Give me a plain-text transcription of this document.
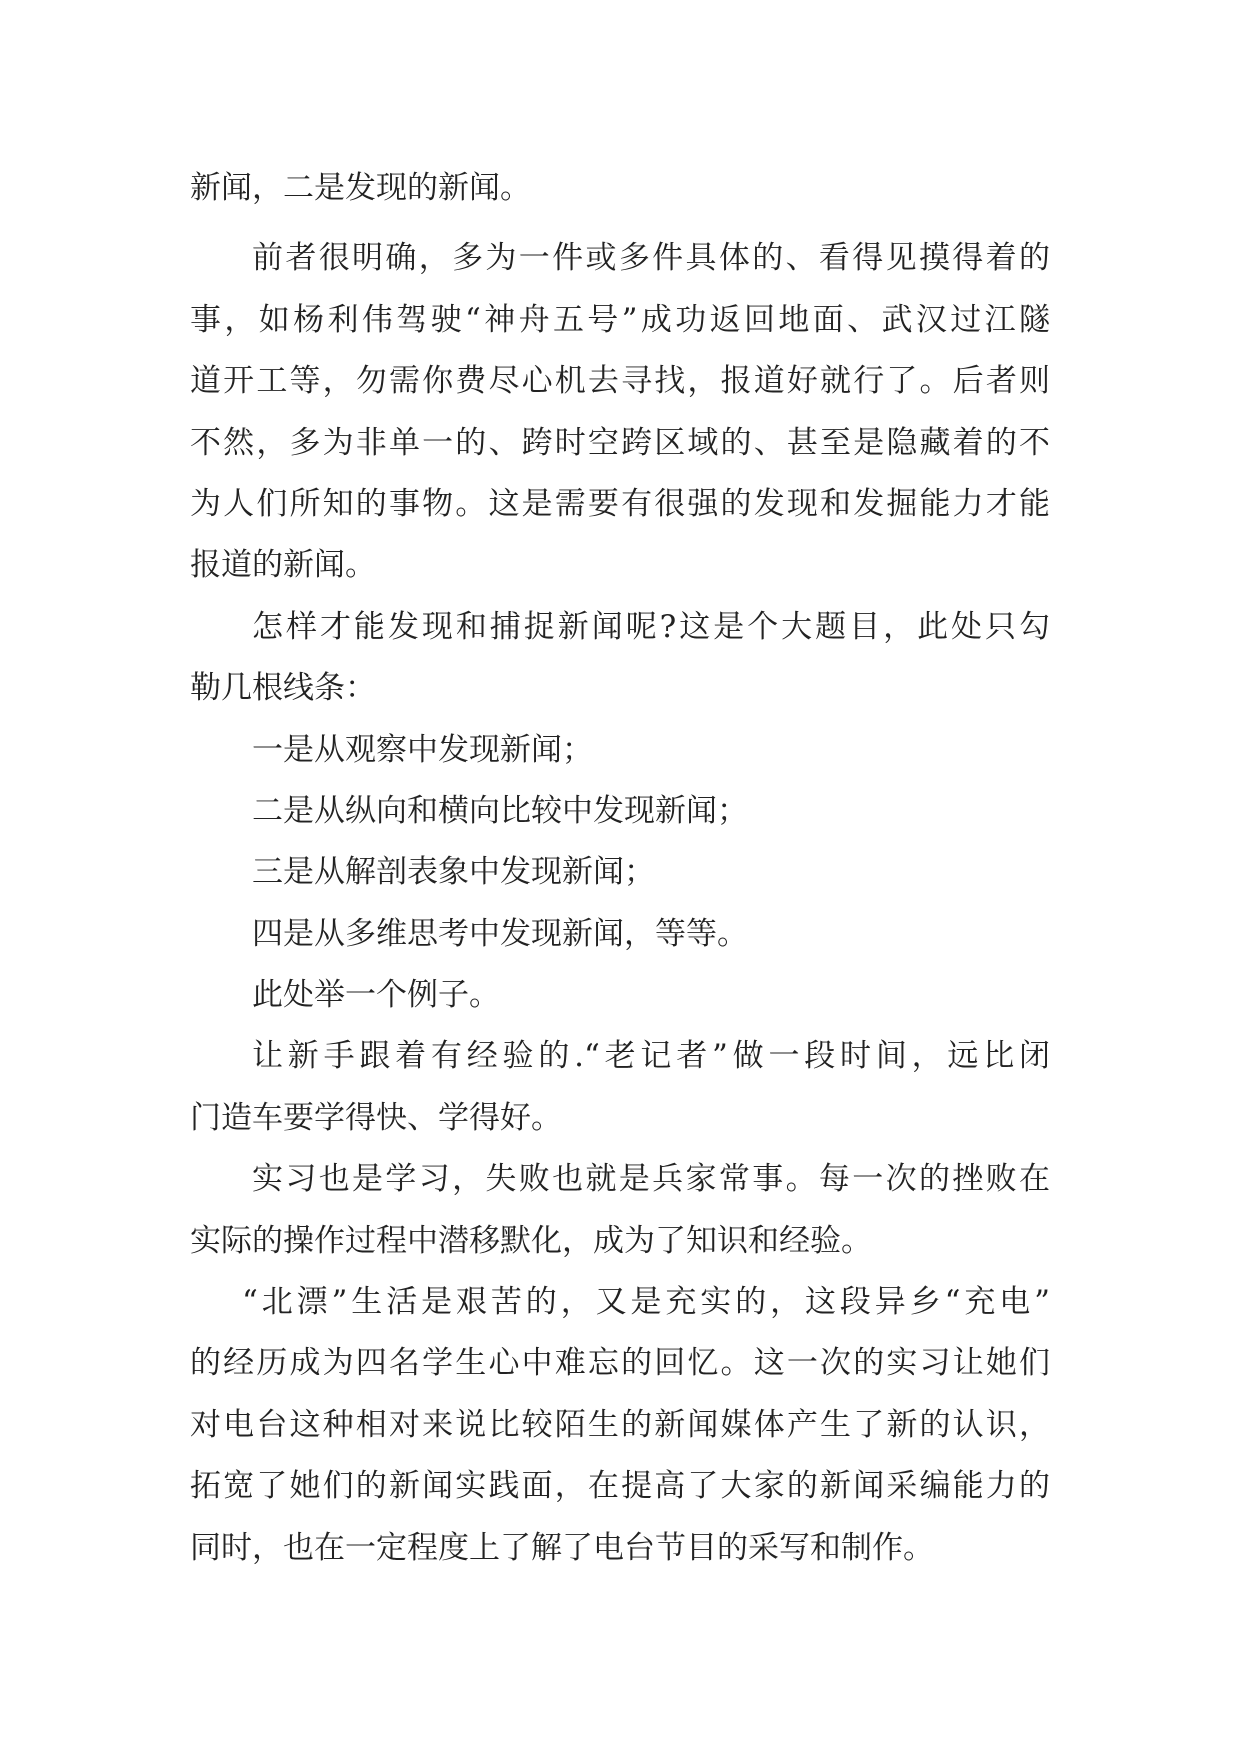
新闻，二是发现的新闻。
前者很明确，多为一件或多件具体的、看得见摸得着的
事，如杨利伟驾驶“神舟五号”成功返回地面、武汉过江隧
道开工等，勿需你费尽心机去寻找，报道好就行了。后者则
不然，多为非单一的、跨时空跨区域的、甚至是隐藏着的不
为人们所知的事物。这是需要有很强的发现和发掘能力才能
报道的新闻。
怎样才能发现和捕捉新闻呢?这是个大题目，此处只勾
勒几根线条：
一是从观察中发现新闻；
二是从纵向和横向比较中发现新闻；
三是从解剖表象中发现新闻；
四是从多维思考中发现新闻，等等。
此处举一个例子。
让新手跟着有经验的.“老记者”做一段时间，远比闭
门造车要学得快、学得好。
实习也是学习，失败也就是兵家常事。每一次的挫败在
实际的操作过程中潜移默化，成为了知识和经验。
“北漂”生活是艰苦的，又是充实的，这段异乡“充电”
的经历成为四名学生心中难忘的回忆。这一次的实习让她们
对电台这种相对来说比较陌生的新闻媒体产生了新的认识，
拓宽了她们的新闻实践面，在提高了大家的新闻采编能力的
同时，也在一定程度上了解了电台节目的采写和制作。
